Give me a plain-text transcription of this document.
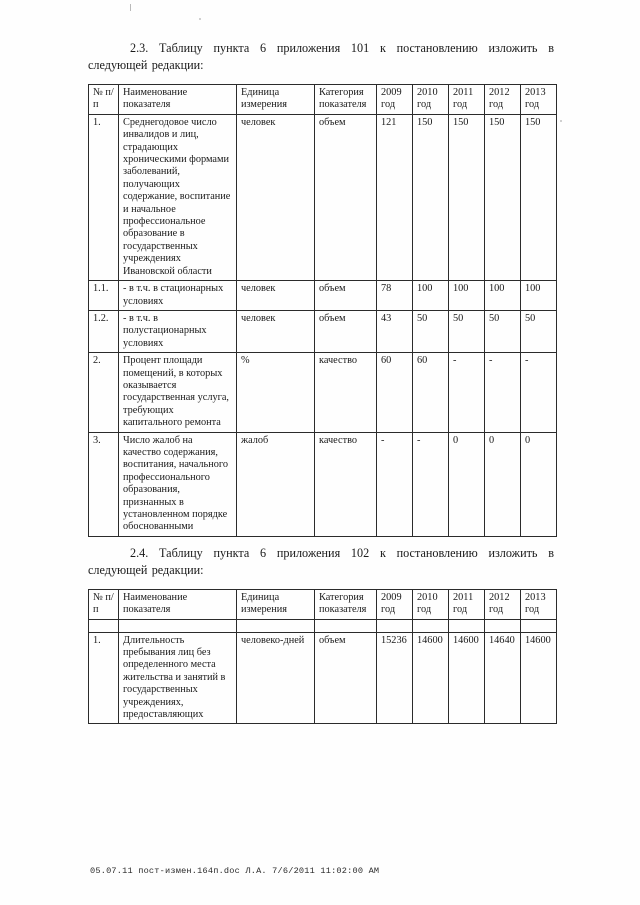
2.3. Таблицу пункта 6 приложения 101 к постановлению изложить в следующей редакции:

№ п/п	Наименование показателя	Единица измерения	Категория показателя	2009 год	2010 год	2011 год	2012 год	2013 год
1.	Среднегодовое число инвалидов и лиц, страдающих хроническими формами заболеваний, получающих содержание, воспитание и начальное профессиональное образование в государственных учреждениях Ивановской области	человек	объем	121	150	150	150	150
1.1.	- в т.ч. в стационарных условиях	человек	объем	78	100	100	100	100
1.2.	- в т.ч. в полустационарных условиях	человек	объем	43	50	50	50	50
2.	Процент площади помещений, в которых оказывается государственная услуга, требующих капитального ремонта	%	качество	60	60	-	-	-
3.	Число жалоб на качество содержания, воспитания, начального профессионального образования, признанных в установленном порядке обоснованными	жалоб	качество	-	-	0	0	0

2.4. Таблицу пункта 6 приложения 102 к постановлению изложить в следующей редакции:

№ п/п	Наименование показателя	Единица измерения	Категория показателя	2009 год	2010 год	2011 год	2012 год	2013 год

1.	Длительность пребывания лиц без определенного места жительства и занятий в государственных учреждениях, предоставляющих	человеко-дней	объем	15236	14600	14600	14640	14600
05.07.11 пост-измен.164п.dос Л.А. 7/6/2011 11:02:00 АМ
